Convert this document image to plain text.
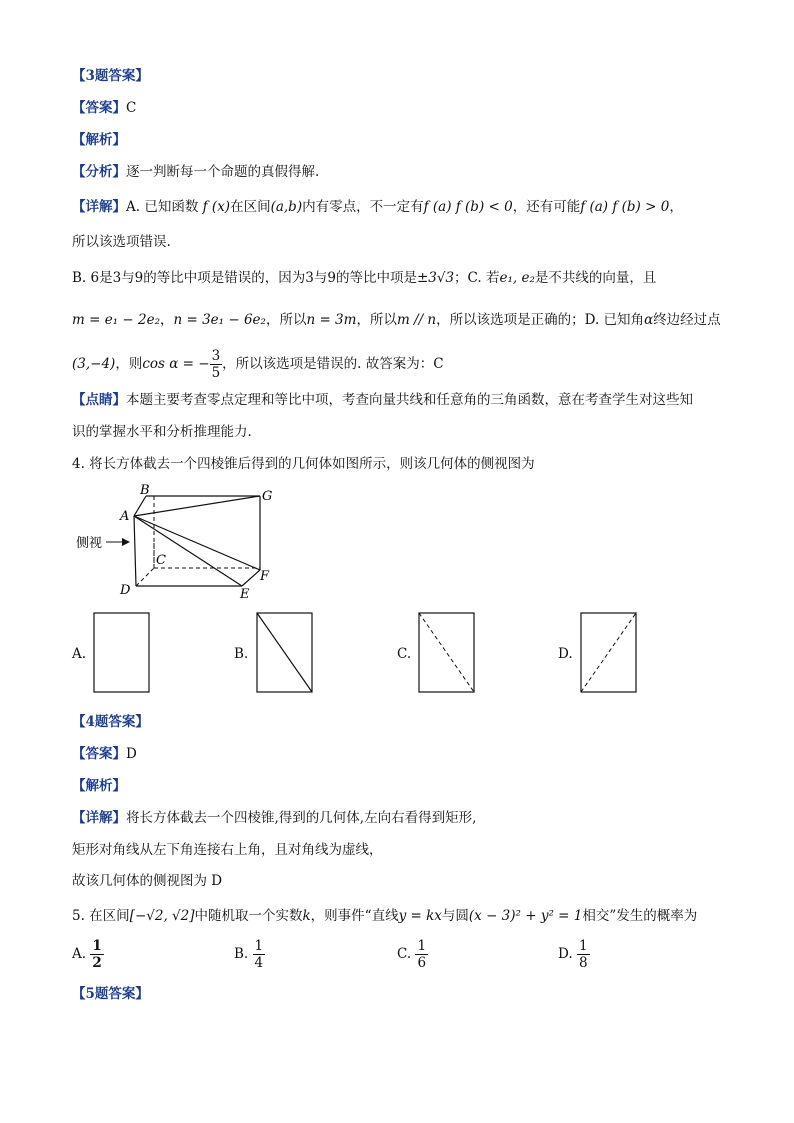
【3题答案】
【答案】C
【解析】
【分析】逐一判断每一个命题的真假得解.
【详解】A. 已知函数 f (x)在区间(a,b)内有零点，不一定有f (a) f (b) < 0，还有可能f (a) f (b) > 0，
所以该选项错误.
B. 6是3与9的等比中项是错误的，因为3与9的等比中项是±3√3；C. 若e₁, e₂是不共线的向量，且
m = e₁ − 2e₂，n = 3e₁ − 6e₂，所以n = 3m，所以m // n，所以该选项是正确的；D. 已知角α终边经过点
(3,−4)，则cos α = − $\frac{3}{5}$ ，所以该选项是错误的. 故答案为：C
【点睛】本题主要考查零点定理和等比中项，考查向量共线和任意角的三角函数，意在考查学生对这些知
识的掌握水平和分析推理能力.
4. 将长方体截去一个四棱锥后得到的几何体如图所示，则该几何体的侧视图为
侧视
A
B
C
D	E
F
G
A.	B.	C.	D.
【4题答案】
【答案】D
【解析】
【详解】将长方体截去一个四棱锥,得到的几何体,左向右看得到矩形,
矩形对角线从左下角连接右上角，且对角线为虚线，
故该几何体的侧视图为 D
5. 在区间[−√2, √2]中随机取一个实数k，则事件“直线y = kx与圆(x − 3)² + y² = 1相交”发生的概率为
A. $\frac{1}{2}$	B. $\frac{1}{4}$	C. $\frac{1}{6}$	D. $\frac{1}{8}$
【5题答案】
